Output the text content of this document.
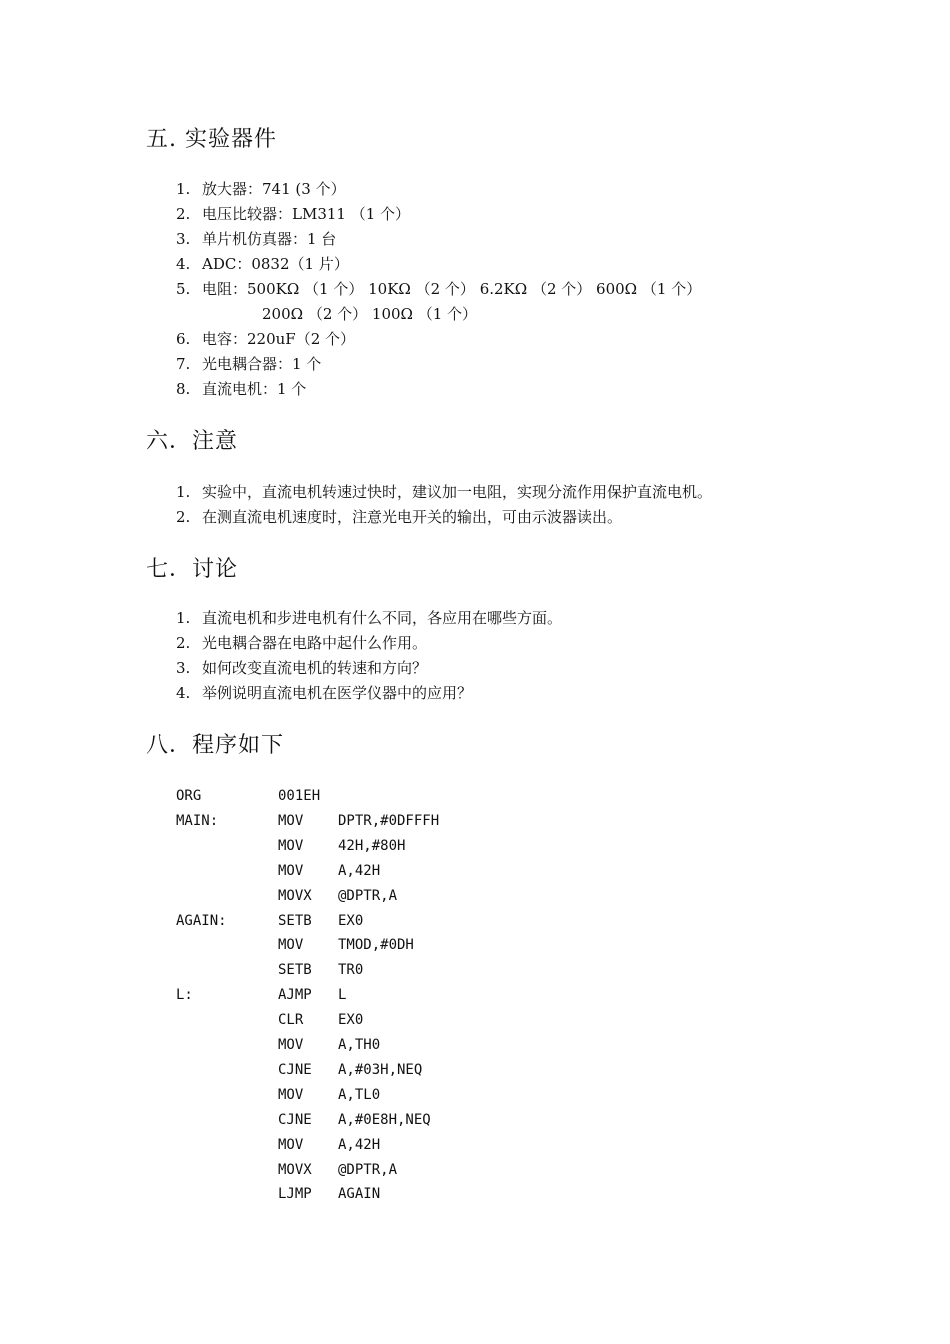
五. 实验器件
1. 放大器：741 (3 个）
2. 电压比较器：LM311 （1 个）
3. 单片机仿真器：1 台
4. ADC：0832（1 片）
5. 电阻：500KΩ （1 个） 10KΩ （2 个） 6.2KΩ （2 个） 600Ω （1 个）
200Ω （2 个） 100Ω （1 个）
6. 电容：220uF（2 个）
7. 光电耦合器：1 个
8. 直流电机：1 个
六．注意
1. 实验中，直流电机转速过快时，建议加一电阻，实现分流作用保护直流电机。
2. 在测直流电机速度时，注意光电开关的输出，可由示波器读出。
七．讨论
1. 直流电机和步进电机有什么不同，各应用在哪些方面。
2. 光电耦合器在电路中起什么作用。
3. 如何改变直流电机的转速和方向？
4. 举例说明直流电机在医学仪器中的应用？
八．程序如下
ORG	001EH
MAIN:	MOV DPTR,#0DFFFH
MOV 42H,#80H
MOV A,42H
MOVX @DPTR,A
AGAIN:	SETB EX0
MOV TMOD,#0DH
SETB TR0
L:	AJMP L
CLR EX0
MOV A,TH0
CJNE A,#03H,NEQ
MOV A,TL0
CJNE A,#0E8H,NEQ
MOV A,42H
MOVX @DPTR,A
LJMP AGAIN
